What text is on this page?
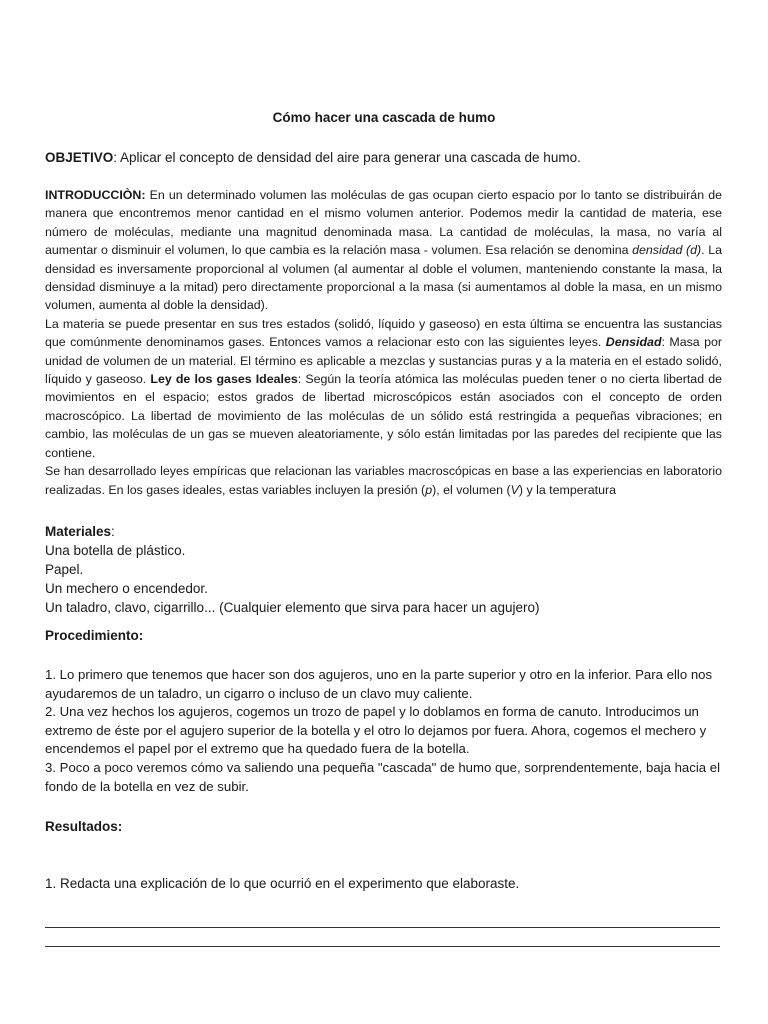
Cómo hacer una cascada de humo
OBJETIVO: Aplicar el concepto de densidad del aire para generar una cascada de humo.

INTRODUCCIÒN: En un determinado volumen las moléculas de gas ocupan cierto espacio por lo tanto se distribuirán de manera que encontremos menor cantidad en el mismo volumen anterior. Podemos medir la cantidad de materia, ese número de moléculas, mediante una magnitud denominada masa. La cantidad de moléculas, la masa, no varía al aumentar o disminuir el volumen, lo que cambia es la relación masa - volumen. Esa relación se denomina densidad (d). La densidad es inversamente proporcional al volumen (al aumentar al doble el volumen, manteniendo constante la masa, la densidad disminuye a la mitad) pero directamente proporcional a la masa (si aumentamos al doble la masa, en un mismo volumen, aumenta al doble la densidad).

La materia se puede presentar en sus tres estados (solidó, líquido y gaseoso) en esta última se encuentra las sustancias que comúnmente denominamos gases. Entonces vamos a relacionar esto con las siguientes leyes. Densidad: Masa por unidad de volumen de un material. El término es aplicable a mezclas y sustancias puras y a la materia en el estado solidó, líquido y gaseoso. Ley de los gases Ideales: Según la teoría atómica las moléculas pueden tener o no cierta libertad de movimientos en el espacio; estos grados de libertad microscópicos están asociados con el concepto de orden macroscópico. La libertad de movimiento de las moléculas de un sólido está restringida a pequeñas vibraciones; en cambio, las moléculas de un gas se mueven aleatoriamente, y sólo están limitadas por las paredes del recipiente que las contiene.

Se han desarrollado leyes empíricas que relacionan las variables macroscópicas en base a las experiencias en laboratorio realizadas. En los gases ideales, estas variables incluyen la presión (p), el volumen (V) y la temperatura

Materiales:
Una botella de plástico.
Papel.
Un mechero o encendedor.
Un taladro, clavo, cigarrillo... (Cualquier elemento que sirva para hacer un agujero)
Procedimiento:

1. Lo primero que tenemos que hacer son dos agujeros, uno en la parte superior y otro en la inferior. Para ello nos ayudaremos de un taladro, un cigarro o incluso de un clavo muy caliente.

2. Una vez hechos los agujeros, cogemos un trozo de papel y lo doblamos en forma de canuto. Introducimos un extremo de éste por el agujero superior de la botella y el otro lo dejamos por fuera. Ahora, cogemos el mechero y encendemos el papel por el extremo que ha quedado fuera de la botella.

3. Poco a poco veremos cómo va saliendo una pequeña "cascada" de humo que, sorprendentemente, baja hacia el fondo de la botella en vez de subir.

Resultados:
1. Redacta una explicación de lo que ocurrió en el experimento que elaboraste.
